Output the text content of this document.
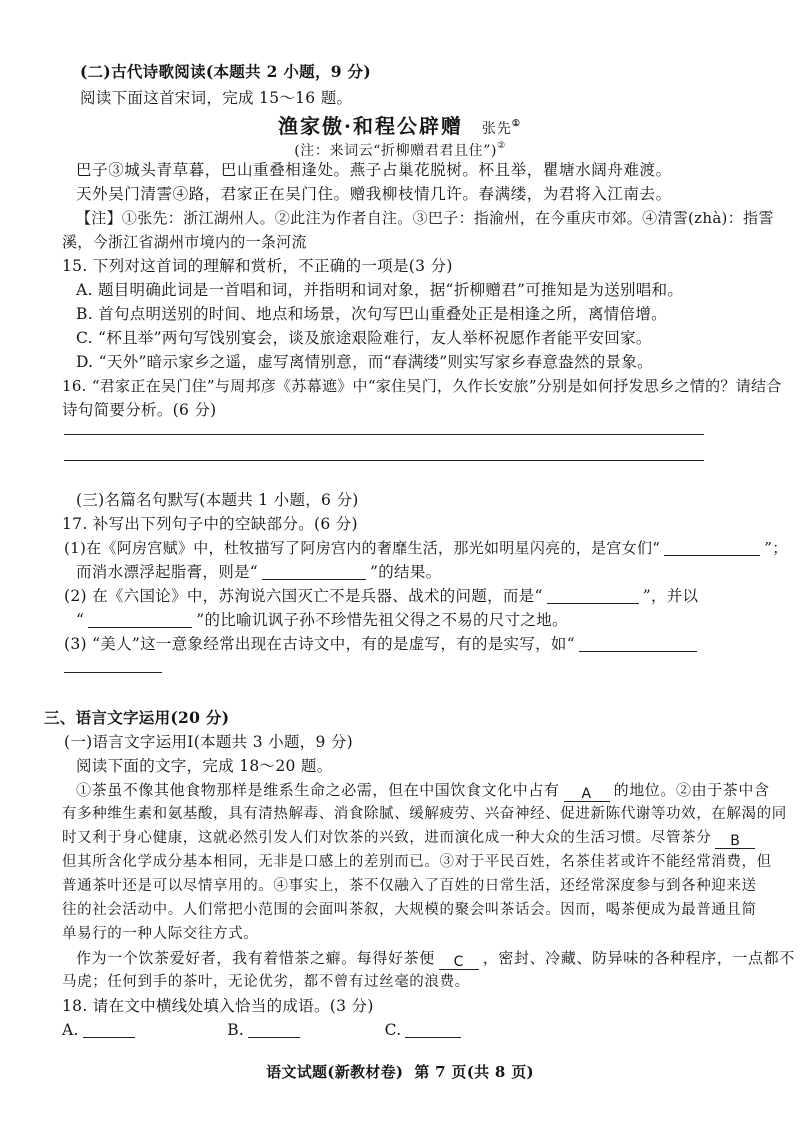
(二)古代诗歌阅读(本题共 2 小题，9 分)
阅读下面这首宋词，完成 15～16 题。
渔家傲·和程公辟赠 张先①
(注：来词云“折柳赠君君且住”)②
巴子③城头青草暮，巴山重叠相逢处。燕子占巢花脱树。杯且举，瞿塘水阔舟难渡。
天外吴门清霅④路，君家正在吴门住。赠我柳枝情几许。春满缕，为君将入江南去。
【注】①张先：浙江湖州人。②此注为作者自注。③巴子：指渝州，在今重庆市郊。④清霅(zhà)：指霅
溪，今浙江省湖州市境内的一条河流
15. 下列对这首词的理解和赏析，不正确的一项是(3 分)
A. 题目明确此词是一首唱和词，并指明和词对象，据“折柳赠君”可推知是为送别唱和。
B. 首句点明送别的时间、地点和场景，次句写巴山重叠处正是相逢之所，离情倍增。
C. “杯且举”两句写饯别宴会，谈及旅途艰险难行，友人举杯祝愿作者能平安回家。
D. “天外”暗示家乡之遥，虚写离情别意，而“春满缕”则实写家乡春意盎然的景象。
16. “君家正在吴门住”与周邦彦《苏幕遮》中“家住吴门，久作长安旅”分别是如何抒发思乡之情的？请结合
诗句简要分析。(6 分)
(三)名篇名句默写(本题共 1 小题，6 分)
17. 补写出下列句子中的空缺部分。(6 分)
(1)在《阿房宫赋》中，杜牧描写了阿房宫内的奢靡生活，那光如明星闪亮的，是宫女们“	”；
而消水漂浮起脂膏，则是“	”的结果。
(2) 在《六国论》中，苏洵说六国灭亡不是兵器、战术的问题，而是“	”，并以
“	”的比喻讥讽子孙不珍惜先祖父得之不易的尺寸之地。
(3) “美人”这一意象经常出现在古诗文中，有的是虚写，有的是实写，如“
三、语言文字运用(20 分)
(一)语言文字运用Ⅰ(本题共 3 小题，9 分)
阅读下面的文字，完成 18～20 题。
①茶虽不像其他食物那样是维系生命之必需，但在中国饮食文化中占有 A 的地位。②由于茶中含
有多种维生素和氨基酸，具有清热解毒、消食除腻、缓解疲劳、兴奋神经、促进新陈代谢等功效，在解渴的同
时又利于身心健康，这就必然引发人们对饮茶的兴致，进而演化成一种大众的生活习惯。尽管茶分 B
但其所含化学成分基本相同，无非是口感上的差别而已。③对于平民百姓，名茶佳茗或许不能经常消费，但
普通茶叶还是可以尽情享用的。④事实上，茶不仅融入了百姓的日常生活，还经常深度参与到各种迎来送
往的社会活动中。人们常把小范围的会面叫茶叙，大规模的聚会叫茶话会。因而，喝茶便成为最普通且简
单易行的一种人际交往方式。
作为一个饮茶爱好者，我有着惜茶之癖。每得好茶便 C ，密封、冷藏、防异味的各种程序，一点都不
马虎；任何到手的茶叶，无论优劣，都不曾有过丝毫的浪费。
18. 请在文中横线处填入恰当的成语。(3 分)
A.	B.	C.
语文试题(新教材卷)  第 7 页(共 8 页)
